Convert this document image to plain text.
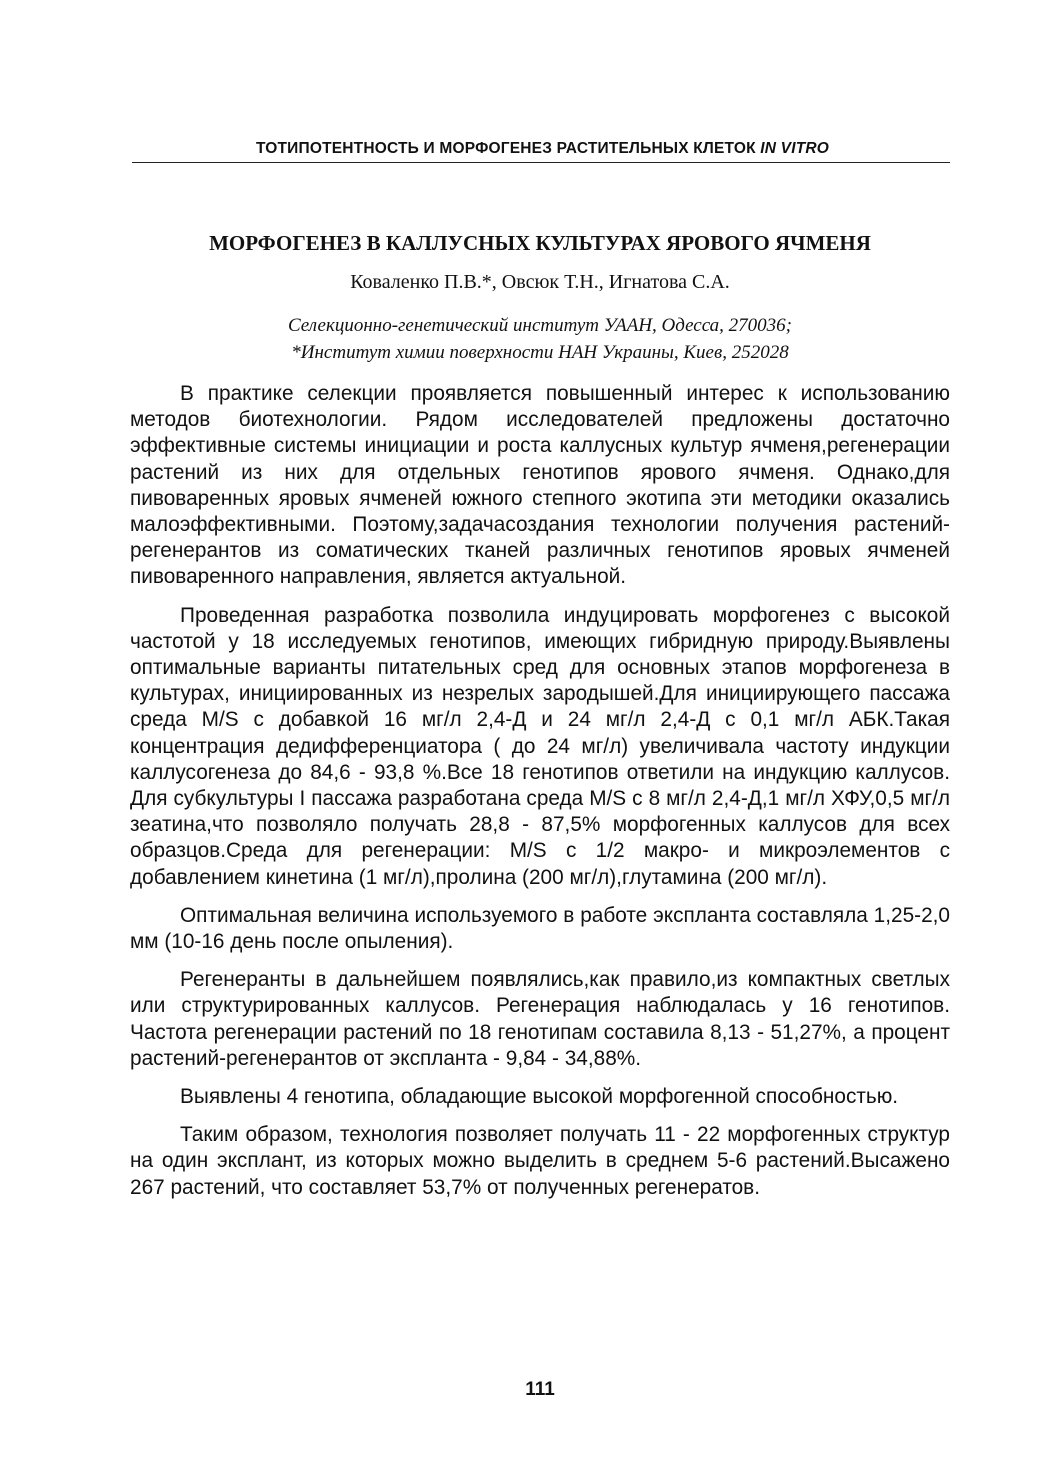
ТОТИПОТЕНТНОСТЬ И МОРФОГЕНЕЗ РАСТИТЕЛЬНЫХ КЛЕТОК IN VITRO
МОРФОГЕНЕЗ В КАЛЛУСНЫХ КУЛЬТУРАХ ЯРОВОГО ЯЧМЕНЯ
Коваленко П.В.*, Овсюк Т.Н., Игнатова С.А.
Селекционно-генетический институт УААН, Одесса, 270036;
*Институт химии поверхности НАН Украины, Киев, 252028

В практике селекции проявляется повышенный интерес к использованию методов биотехнологии. Рядом исследователей предложены достаточно эффективные системы инициации и роста каллусных культур ячменя,регенерации растений из них для отдельных генотипов ярового ячменя. Однако,для пивоваренных яровых ячменей южного степного экотипа эти методики оказались малоэффективными. Поэтому,задачасоздания технологии получения растений-регенерантов из соматических тканей различных генотипов яровых ячменей пивоваренного направления, является актуальной.

Проведенная разработка позволила индуцировать морфогенез с высокой частотой у 18 исследуемых генотипов, имеющих гибридную природу.Выявлены оптимальные варианты питательных сред для основных этапов морфогенеза в культурах, инициированных из незрелых зародышей.Для инициирующего пассажа среда M/S с добавкой 16 мг/л 2,4-Д и 24 мг/л 2,4-Д с 0,1 мг/л АБК.Такая концентрация дедифференциатора ( до 24 мг/л) увеличивала частоту индукции каллусогенеза до 84,6 - 93,8 %.Все 18 генотипов ответили на индукцию каллусов. Для субкультуры I пассажа разработана среда M/S с 8 мг/л 2,4-Д,1 мг/л ХФУ,0,5 мг/л зеатина,что позволяло получать 28,8 - 87,5% морфогенных каллусов для всех образцов.Среда для регенерации: M/S с 1/2 макро- и микроэлементов с добавлением кинетина (1 мг/л),пролина (200 мг/л),глутамина (200 мг/л).

Оптимальная величина используемого в работе экспланта составляла 1,25-2,0 мм (10-16 день после опыления).

Регенеранты в дальнейшем появлялись,как правило,из компактных светлых или структурированных каллусов. Регенерация наблюдалась у 16 генотипов. Частота регенерации растений по 18 генотипам составила 8,13 - 51,27%, а процент растений-регенерантов от экспланта - 9,84 - 34,88%.

Выявлены 4 генотипа, обладающие высокой морфогенной способностью.

Таким образом, технология позволяет получать 11 - 22 морфогенных структур на один эксплант, из которых можно выделить в среднем 5-6 растений.Высажено 267 растений, что составляет 53,7% от полученных регенератов.

111
